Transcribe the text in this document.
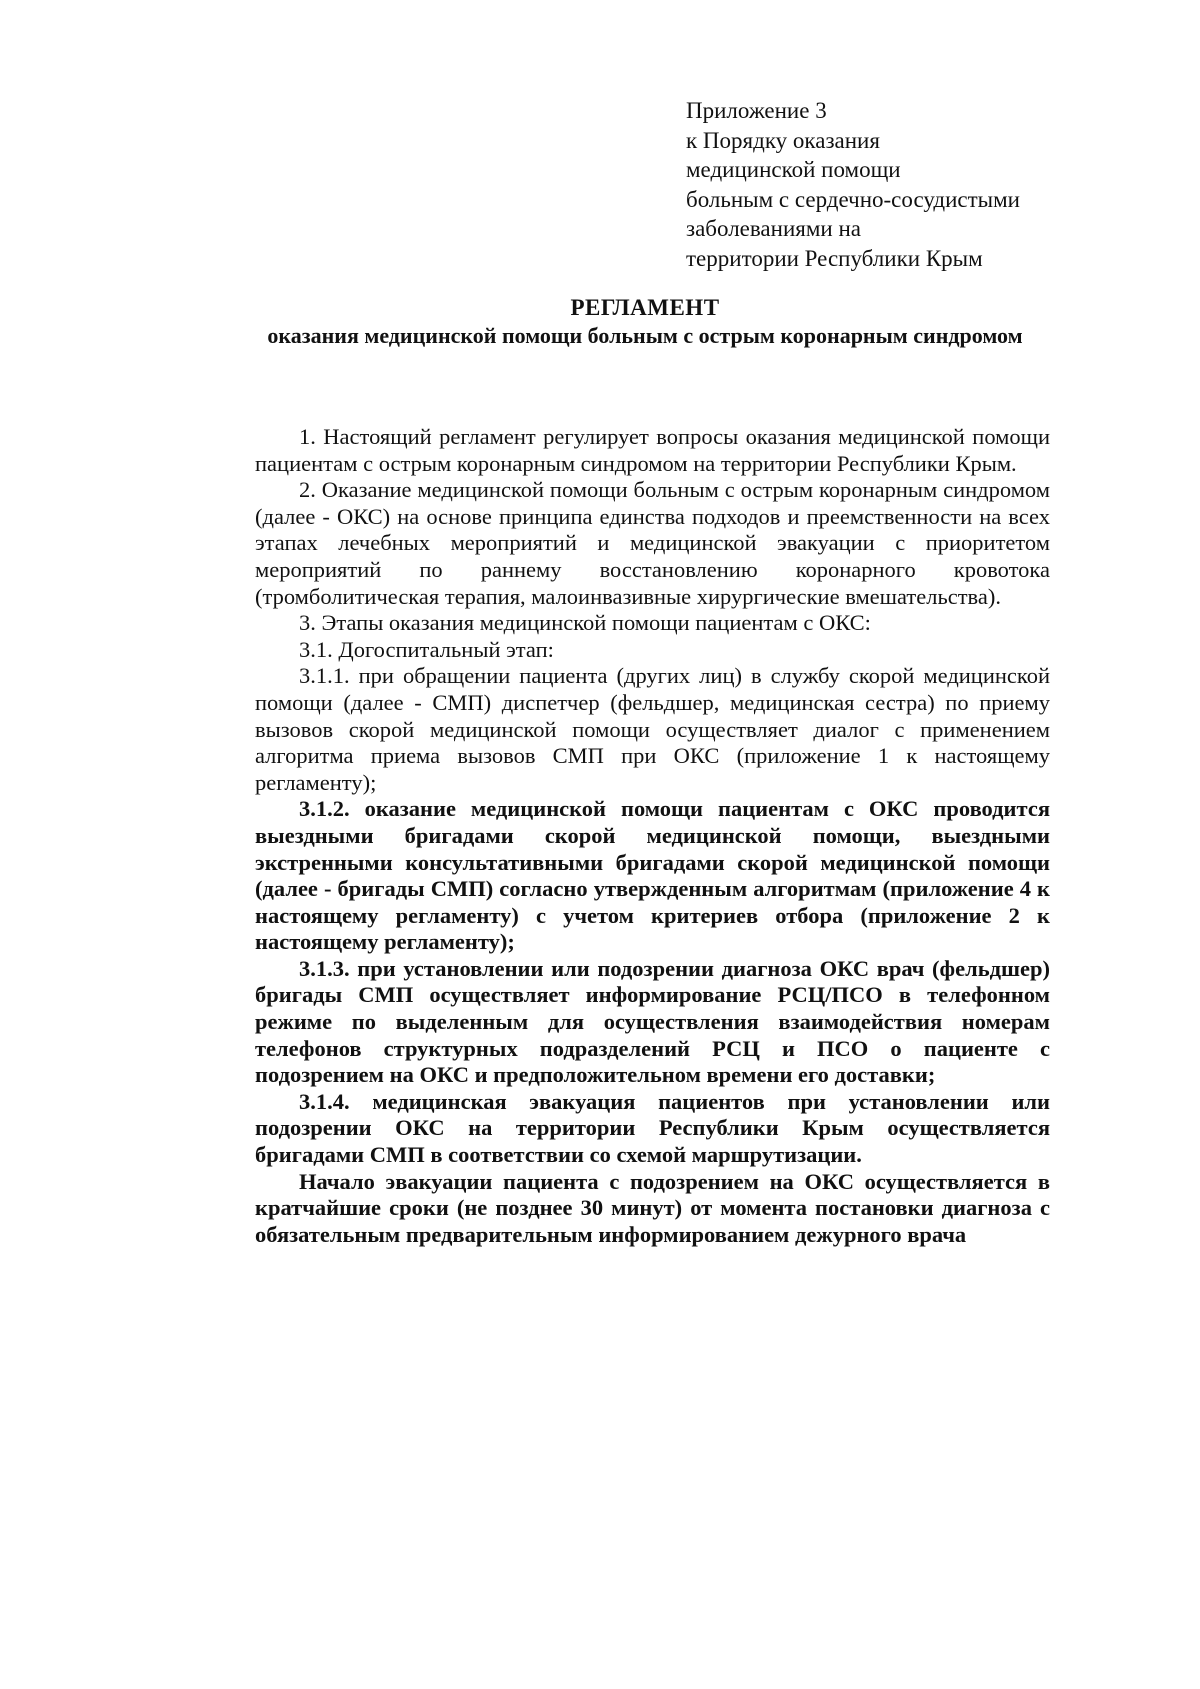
Приложение 3
к Порядку оказания
медицинской помощи
больным с сердечно-сосудистыми
заболеваниями на
территории Республики Крым
РЕГЛАМЕНТ
оказания медицинской помощи больным с острым коронарным синдромом

1. Настоящий регламент регулирует вопросы оказания медицинской помощи пациентам с острым коронарным синдромом на территории Республики Крым.

2. Оказание медицинской помощи больным с острым коронарным синдромом (далее - ОКС) на основе принципа единства подходов и преемственности на всех этапах лечебных мероприятий и медицинской эвакуации с приоритетом мероприятий по раннему восстановлению коронарного кровотока (тромболитическая терапия, малоинвазивные хирургические вмешательства).

3. Этапы оказания медицинской помощи пациентам с ОКС:

3.1. Догоспитальный этап:

3.1.1. при обращении пациента (других лиц) в службу скорой медицинской помощи (далее - СМП) диспетчер (фельдшер, медицинская сестра) по приему вызовов скорой медицинской помощи осуществляет диалог с применением алгоритма приема вызовов СМП при ОКС (приложение 1 к настоящему регламенту);

3.1.2. оказание медицинской помощи пациентам с ОКС проводится выездными бригадами скорой медицинской помощи, выездными экстренными консультативными бригадами скорой медицинской помощи (далее - бригады СМП) согласно утвержденным алгоритмам (приложение 4 к настоящему регламенту) с учетом критериев отбора (приложение 2 к настоящему регламенту);

3.1.3. при установлении или подозрении диагноза ОКС врач (фельдшер) бригады СМП осуществляет информирование РСЦ/ПСО в телефонном режиме по выделенным для осуществления взаимодействия номерам телефонов структурных подразделений РСЦ и ПСО о пациенте с подозрением на ОКС и предположительном времени его доставки;

3.1.4. медицинская эвакуация пациентов при установлении или подозрении ОКС на территории Республики Крым осуществляется бригадами СМП в соответствии со схемой маршрутизации.

Начало эвакуации пациента с подозрением на ОКС осуществляется в кратчайшие сроки (не позднее 30 минут) от момента постановки диагноза с обязательным предварительным информированием дежурного врача
